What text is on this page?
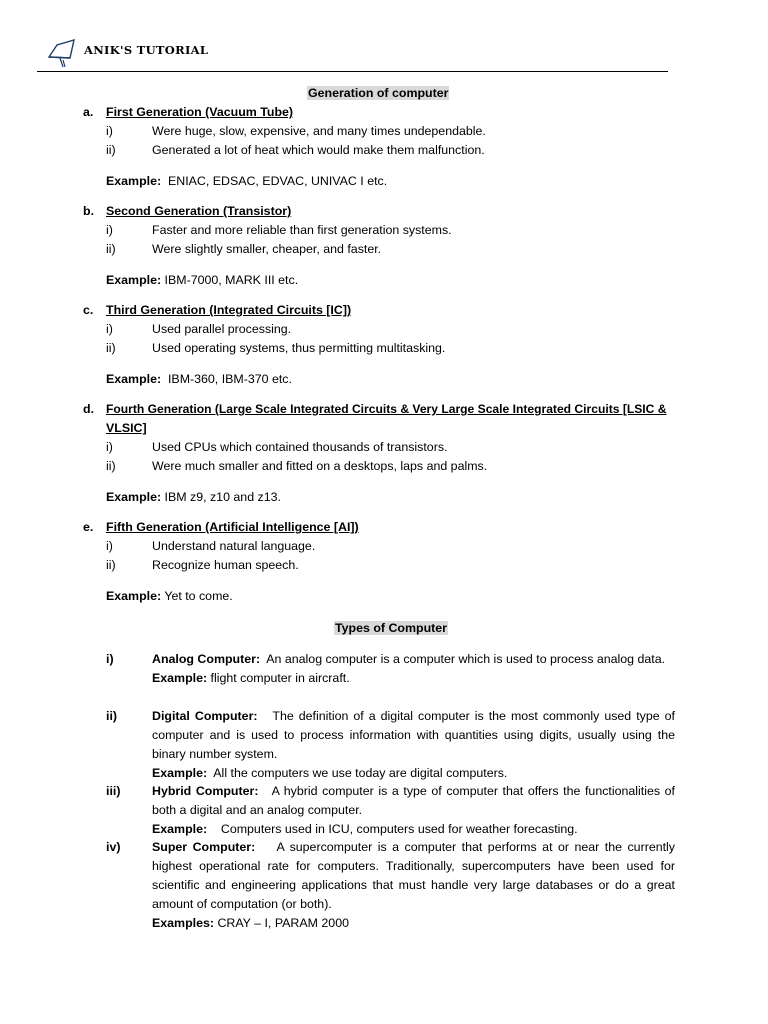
ANIK'S TUTORIAL
Generation of computer
a. First Generation (Vacuum Tube)
i)	Were huge, slow, expensive, and many times undependable.
ii)	Generated a lot of heat which would make them malfunction.
Example: ENIAC, EDSAC, EDVAC, UNIVAC I etc.
b. Second Generation (Transistor)
i)	Faster and more reliable than first generation systems.
ii)	Were slightly smaller, cheaper, and faster.
Example: IBM-7000, MARK III etc.
c. Third Generation (Integrated Circuits [IC])
i)	Used parallel processing.
ii)	Used operating systems, thus permitting multitasking.
Example: IBM-360, IBM-370 etc.
d. Fourth Generation (Large Scale Integrated Circuits & Very Large Scale Integrated Circuits [LSIC &
VLSIC]
i)	Used CPUs which contained thousands of transistors.
ii)	Were much smaller and fitted on a desktops, laps and palms.
Example: IBM z9, z10 and z13.
e. Fifth Generation (Artificial Intelligence [AI])
i)	Understand natural language.
ii)	Recognize human speech.
Example: Yet to come.
Types of Computer
i)	Analog Computer: An analog computer is a computer which is used to process analog data.

Example: flight computer in aircraft.

ii)	Digital Computer: The definition of a digital computer is the most commonly used type of computer and is used to process information with quantities using digits, usually using the binary number system.

Example: All the computers we use today are digital computers.

iii)	Hybrid Computer: A hybrid computer is a type of computer that offers the functionalities of both a digital and an analog computer.

Example: Computers used in ICU, computers used for weather forecasting.

iv)	Super Computer: A supercomputer is a computer that performs at or near the currently highest operational rate for computers. Traditionally, supercomputers have been used for scientific and engineering applications that must handle very large databases or do a great amount of computation (or both).

Examples: CRAY – I, PARAM 2000
